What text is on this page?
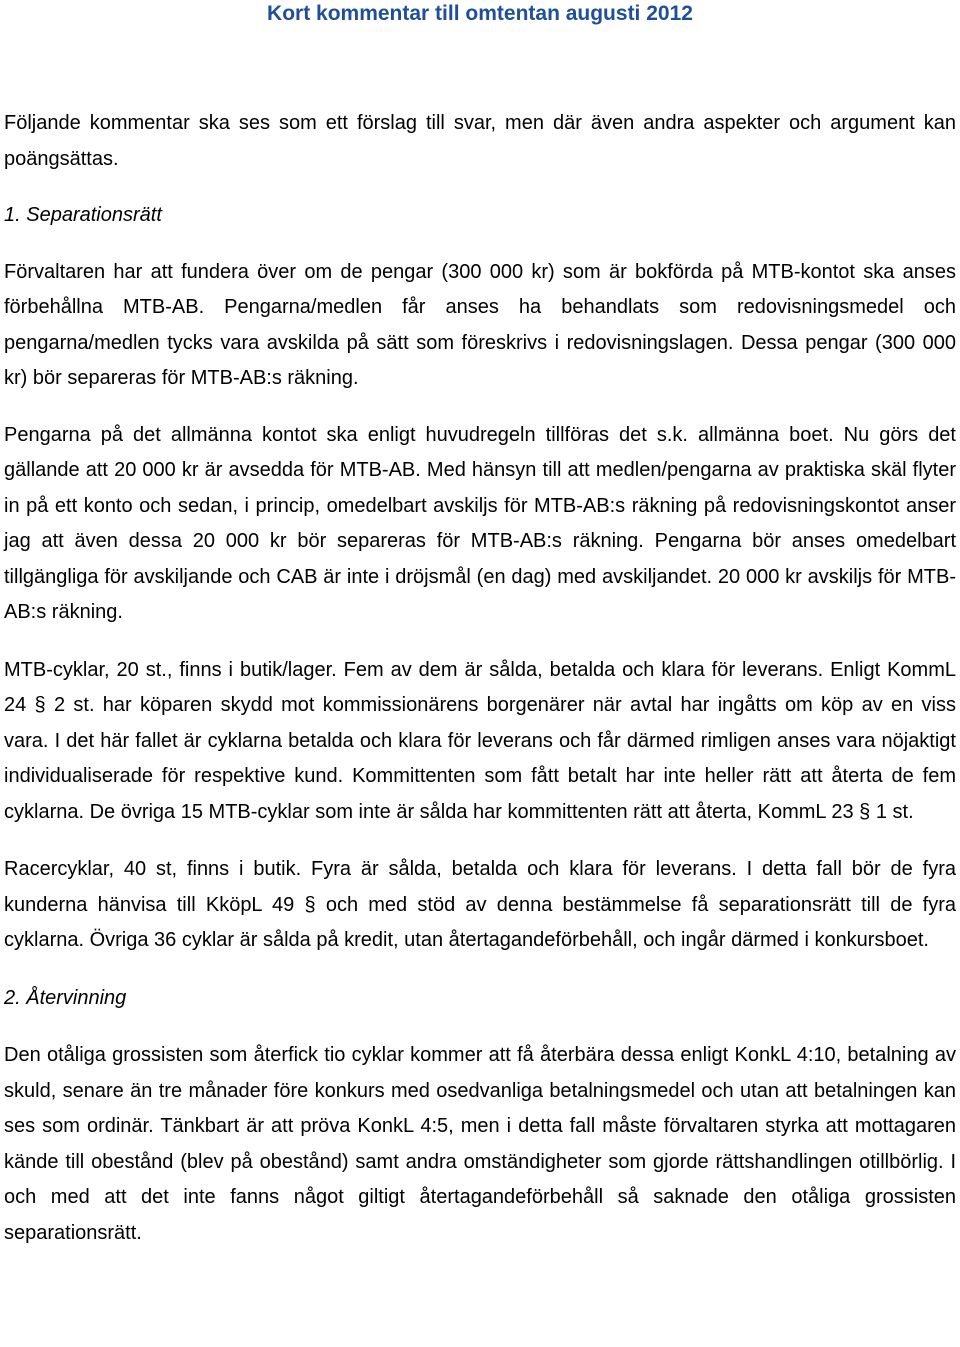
Kort kommentar till omtentan augusti 2012

Följande kommentar ska ses som ett förslag till svar, men där även andra aspekter och argument kan poängsättas.

1. Separationsrätt

Förvaltaren har att fundera över om de pengar (300 000 kr) som är bokförda på MTB-kontot ska anses förbehållna MTB-AB. Pengarna/medlen får anses ha behandlats som redovisningsmedel och pengarna/medlen tycks vara avskilda på sätt som föreskrivs i redovisningslagen. Dessa pengar (300 000 kr) bör separeras för MTB-AB:s räkning.

Pengarna på det allmänna kontot ska enligt huvudregeln tillföras det s.k. allmänna boet. Nu görs det gällande att 20 000 kr är avsedda för MTB-AB. Med hänsyn till att medlen/pengarna av praktiska skäl flyter in på ett konto och sedan, i princip, omedelbart avskiljs för MTB-AB:s räkning på redovisningskontot anser jag att även dessa 20 000 kr bör separeras för MTB-AB:s räkning. Pengarna bör anses omedelbart tillgängliga för avskiljande och CAB är inte i dröjsmål (en dag) med avskiljandet. 20 000 kr avskiljs för MTB-AB:s räkning.

MTB-cyklar, 20 st., finns i butik/lager. Fem av dem är sålda, betalda och klara för leverans. Enligt KommL 24 § 2 st. har köparen skydd mot kommissionärens borgenärer när avtal har ingåtts om köp av en viss vara. I det här fallet är cyklarna betalda och klara för leverans och får därmed rimligen anses vara nöjaktigt individualiserade för respektive kund. Kommittenten som fått betalt har inte heller rätt att återta de fem cyklarna. De övriga 15 MTB-cyklar som inte är sålda har kommittenten rätt att återta, KommL 23 § 1 st.

Racercyklar, 40 st, finns i butik. Fyra är sålda, betalda och klara för leverans. I detta fall bör de fyra kunderna hänvisa till KköpL 49 § och med stöd av denna bestämmelse få separationsrätt till de fyra cyklarna. Övriga 36 cyklar är sålda på kredit, utan återtagandeförbehåll, och ingår därmed i konkursboet.

2. Återvinning

Den otåliga grossisten som återfick tio cyklar kommer att få återbära dessa enligt KonkL 4:10, betalning av skuld, senare än tre månader före konkurs med osedvanliga betalningsmedel och utan att betalningen kan ses som ordinär. Tänkbart är att pröva KonkL 4:5, men i detta fall måste förvaltaren styrka att mottagaren kände till obestånd (blev på obestånd) samt andra omständigheter som gjorde rättshandlingen otillbörlig. I och med att det inte fanns något giltigt återtagandeförbehåll så saknade den otåliga grossisten separationsrätt.
